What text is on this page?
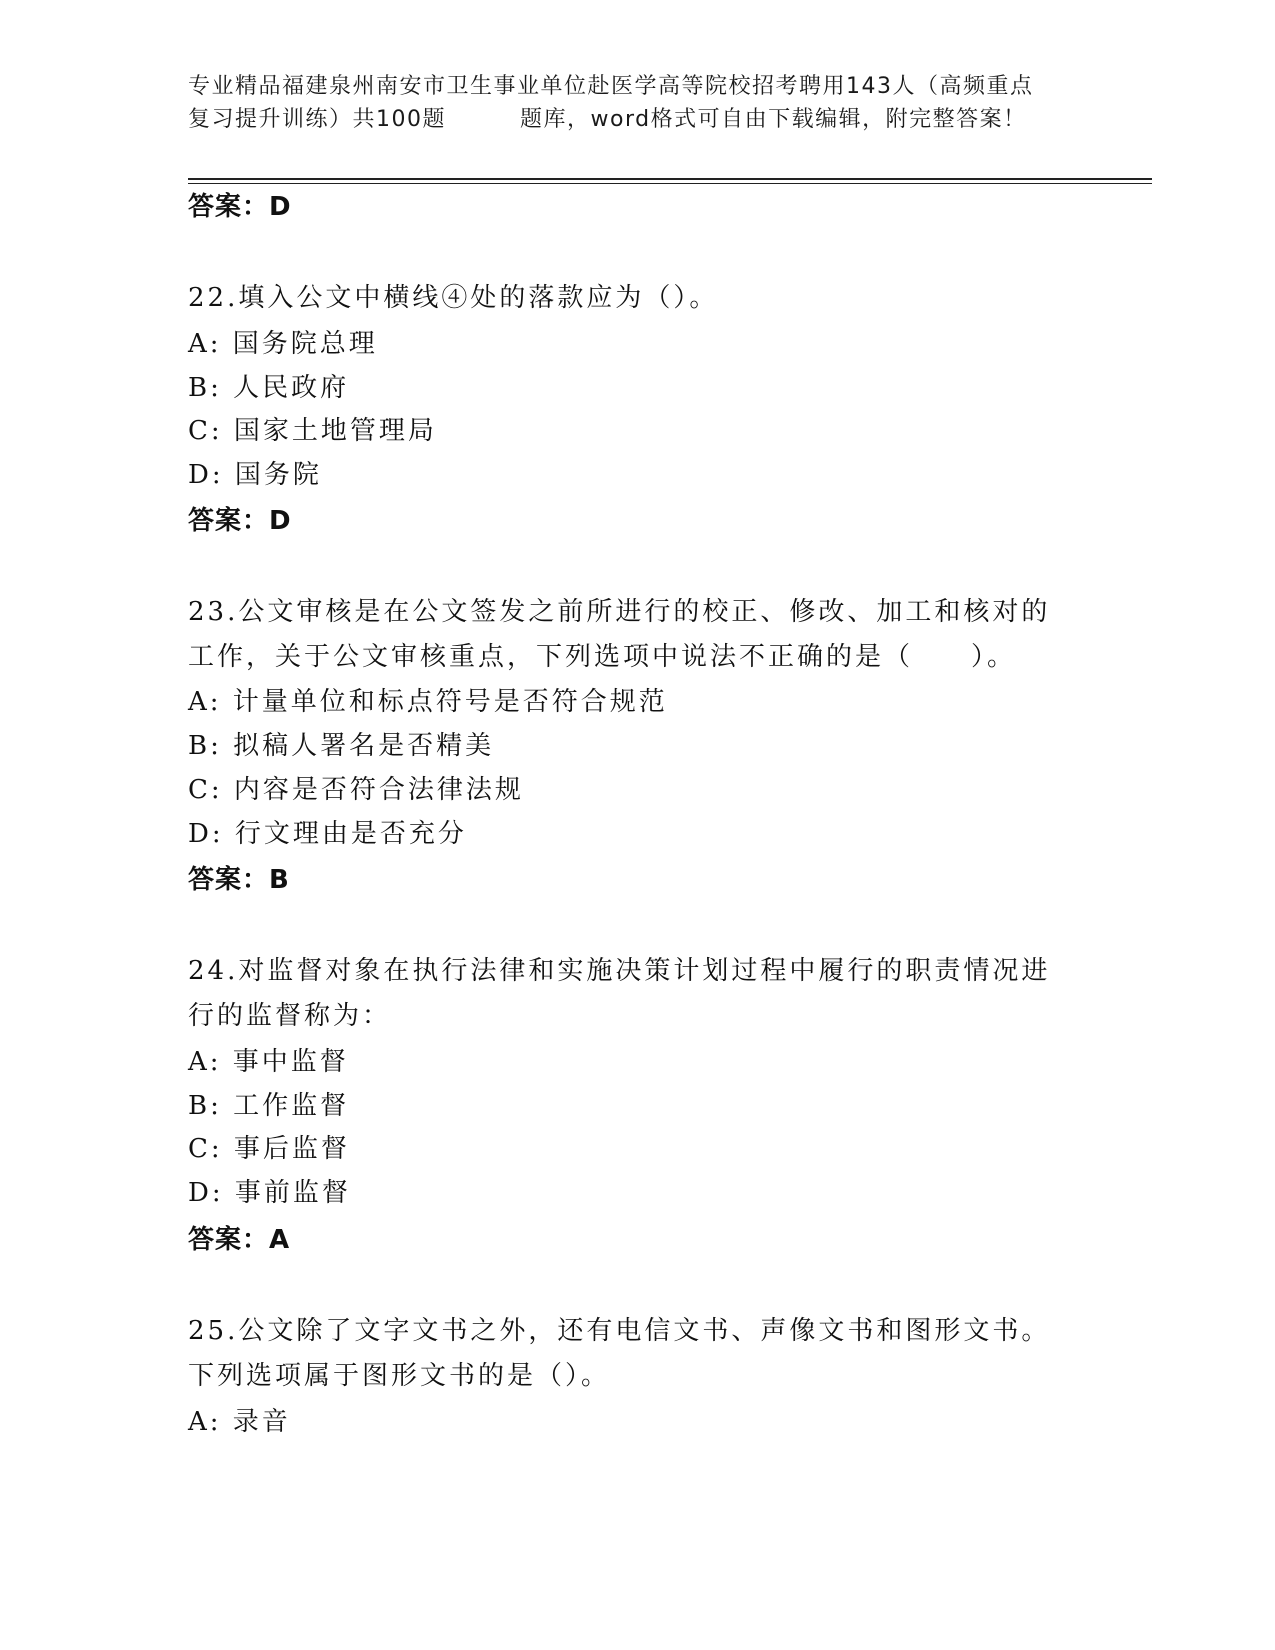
专业精品福建泉州南安市卫生事业单位赴医学高等院校招考聘用143人（高频重点
复习提升训练）共100题	题库，word格式可自由下载编辑，附完整答案！
答案：D
22.填入公文中横线④处的落款应为（）。
A: 国务院总理
B: 人民政府
C: 国家土地管理局
D: 国务院
答案：D
23.公文审核是在公文签发之前所进行的校正、修改、加工和核对的工作，关于公文审核重点，下列选项中说法不正确的是（　　）。
A: 计量单位和标点符号是否符合规范
B: 拟稿人署名是否精美
C: 内容是否符合法律法规
D: 行文理由是否充分
答案：B
24.对监督对象在执行法律和实施决策计划过程中履行的职责情况进行的监督称为：
A: 事中监督
B: 工作监督
C: 事后监督
D: 事前监督
答案：A
25.公文除了文字文书之外，还有电信文书、声像文书和图形文书。下列选项属于图形文书的是（）。
A: 录音
